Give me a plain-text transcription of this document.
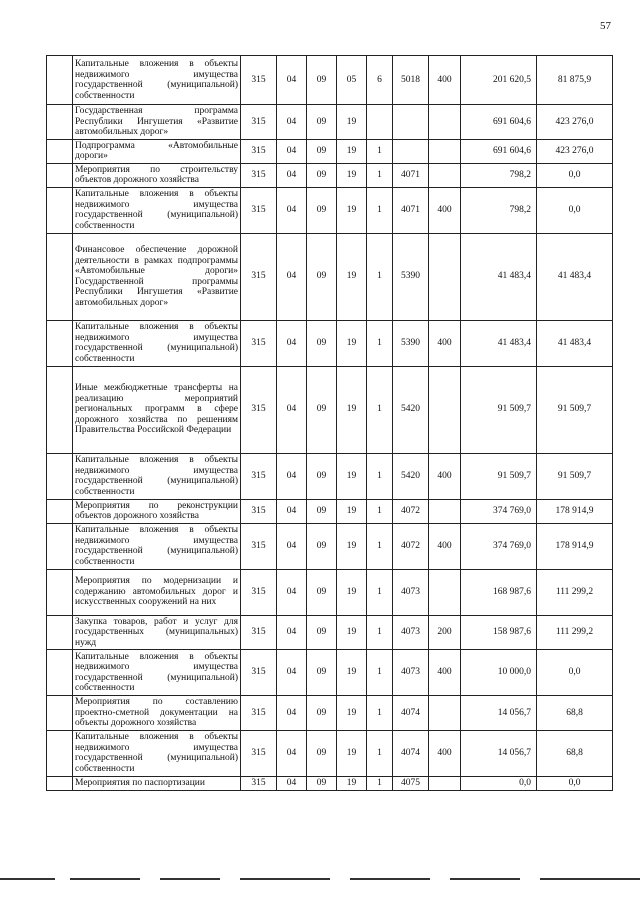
57
	Капитальные вложения в объекты недвижимого имущества государственной (муниципальной) собственности	315	04	09	05	6	5018	400	201 620,5	81 875,9
	Государственная программа Республики Ингушетия «Развитие автомобильных дорог»	315	04	09	19				691 604,6	423 276,0
	Подпрограмма «Автомобильные дороги»	315	04	09	19	1			691 604,6	423 276,0
	Мероприятия по строительству объектов дорожного хозяйства	315	04	09	19	1	4071		798,2	0,0
	Капитальные вложения в объекты недвижимого имущества государственной (муниципальной) собственности	315	04	09	19	1	4071	400	798,2	0,0
	Финансовое обеспечение дорожной деятельности в рамках подпрограммы «Автомобильные дороги» Государственной программы Республики Ингушетия «Развитие автомобильных дорог»	315	04	09	19	1	5390		41 483,4	41 483,4
	Капитальные вложения в объекты недвижимого имущества государственной (муниципальной) собственности	315	04	09	19	1	5390	400	41 483,4	41 483,4
	Иные межбюджетные трансферты на реализацию мероприятий региональных программ в сфере дорожного хозяйства по решениям Правительства Российской Федерации	315	04	09	19	1	5420		91 509,7	91 509,7
	Капитальные вложения в объекты недвижимого имущества государственной (муниципальной) собственности	315	04	09	19	1	5420	400	91 509,7	91 509,7
	Мероприятия по реконструкции объектов дорожного хозяйства	315	04	09	19	1	4072		374 769,0	178 914,9
	Капитальные вложения в объекты недвижимого имущества государственной (муниципальной) собственности	315	04	09	19	1	4072	400	374 769,0	178 914,9
	Мероприятия по модернизации и содержанию автомобильных дорог и искусственных сооружений на них	315	04	09	19	1	4073		168 987,6	111 299,2
	Закупка товаров, работ и услуг для государственных (муниципальных) нужд	315	04	09	19	1	4073	200	158 987,6	111 299,2
	Капитальные вложения в объекты недвижимого имущества государственной (муниципальной) собственности	315	04	09	19	1	4073	400	10 000,0	0,0
	Мероприятия по составлению проектно-сметной документации на объекты дорожного хозяйства	315	04	09	19	1	4074		14 056,7	68,8
	Капитальные вложения в объекты недвижимого имущества государственной (муниципальной) собственности	315	04	09	19	1	4074	400	14 056,7	68,8
	Мероприятия по паспортизации	315	04	09	19	1	4075		0,0	0,0
